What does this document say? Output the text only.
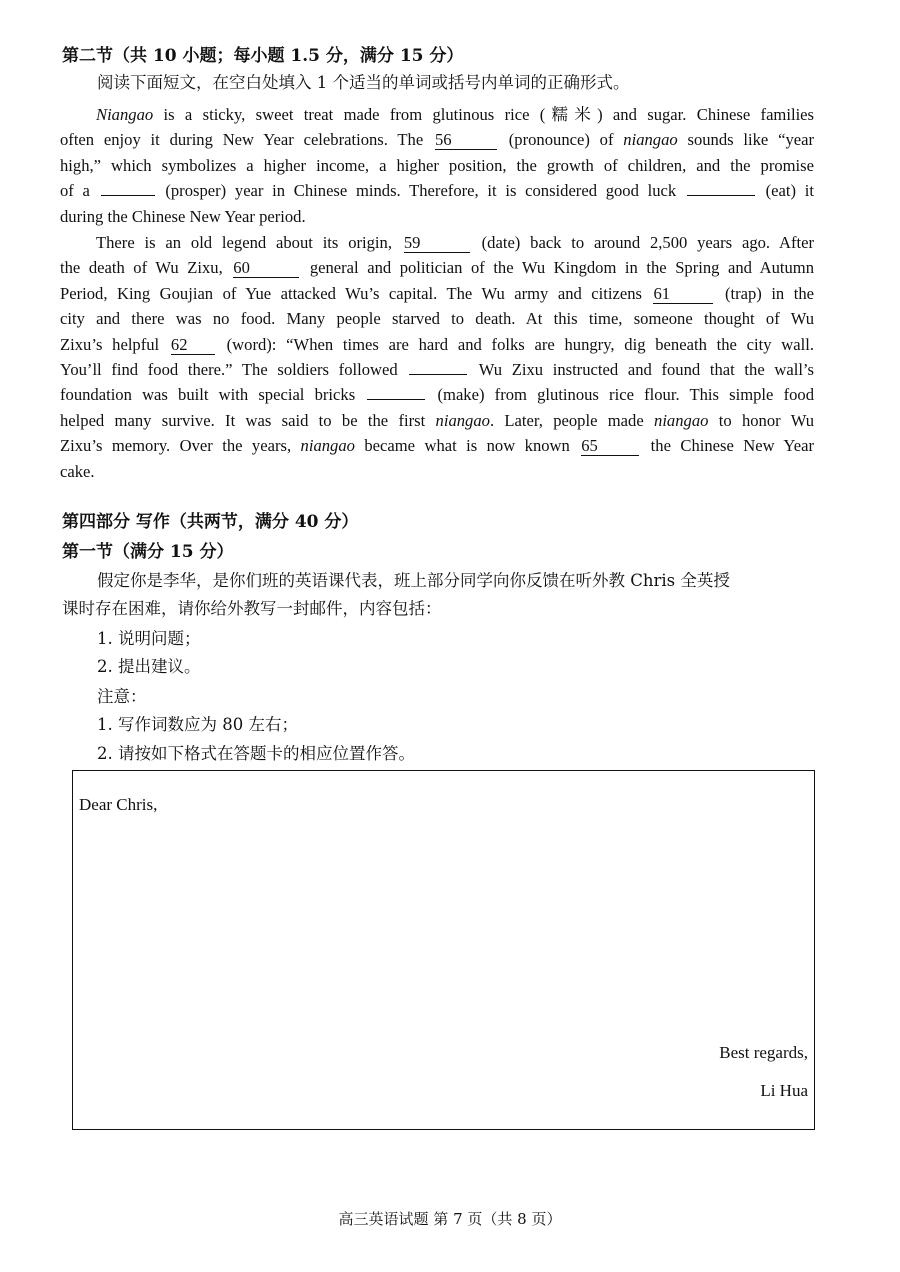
第二节（共 10 小题；每小题 1.5 分，满分 15 分）
阅读下面短文，在空白处填入 1 个适当的单词或括号内单词的正确形式。
Niangao is a sticky, sweet treat made from glutinous rice (糯米) and sugar. Chinese families
often enjoy it during New Year celebrations. The 56	(pronounce) of niangao sounds like “year
high,” which symbolizes a higher income, a higher position, the growth of children, and the promise
of a	(prosper) year in Chinese minds. Therefore, it is considered good luck	(eat) it
during the Chinese New Year period.
There is an old legend about its origin, 59	(date) back to around 2,500 years ago. After
the death of Wu Zixu, 60	general and politician of the Wu Kingdom in the Spring and Autumn
Period, King Goujian of Yue attacked Wu’s capital. The Wu army and citizens 61	(trap) in the
city and there was no food. Many people starved to death. At this time, someone thought of Wu
Zixu’s helpful 62 (word): “When times are hard and folks are hungry, dig beneath the city wall.
You’ll find food there.” The soldiers followed	Wu Zixu instructed and found that the wall’s
foundation was built with special bricks	(make) from glutinous rice flour. This simple food
helped many survive. It was said to be the first niangao. Later, people made niangao to honor Wu
Zixu’s memory. Over the years, niangao became what is now known 65	the Chinese New Year
cake.
第四部分 写作（共两节，满分 40 分）
第一节（满分 15 分）
假定你是李华，是你们班的英语课代表，班上部分同学向你反馈在听外教 Chris 全英授
课时存在困难，请你给外教写一封邮件，内容包括：
1. 说明问题；
2. 提出建议。
注意：
1. 写作词数应为 80 左右；
2. 请按如下格式在答题卡的相应位置作答。
Dear Chris,
Best regards,
Li Hua
高三英语试题 第 7 页（共 8 页）
